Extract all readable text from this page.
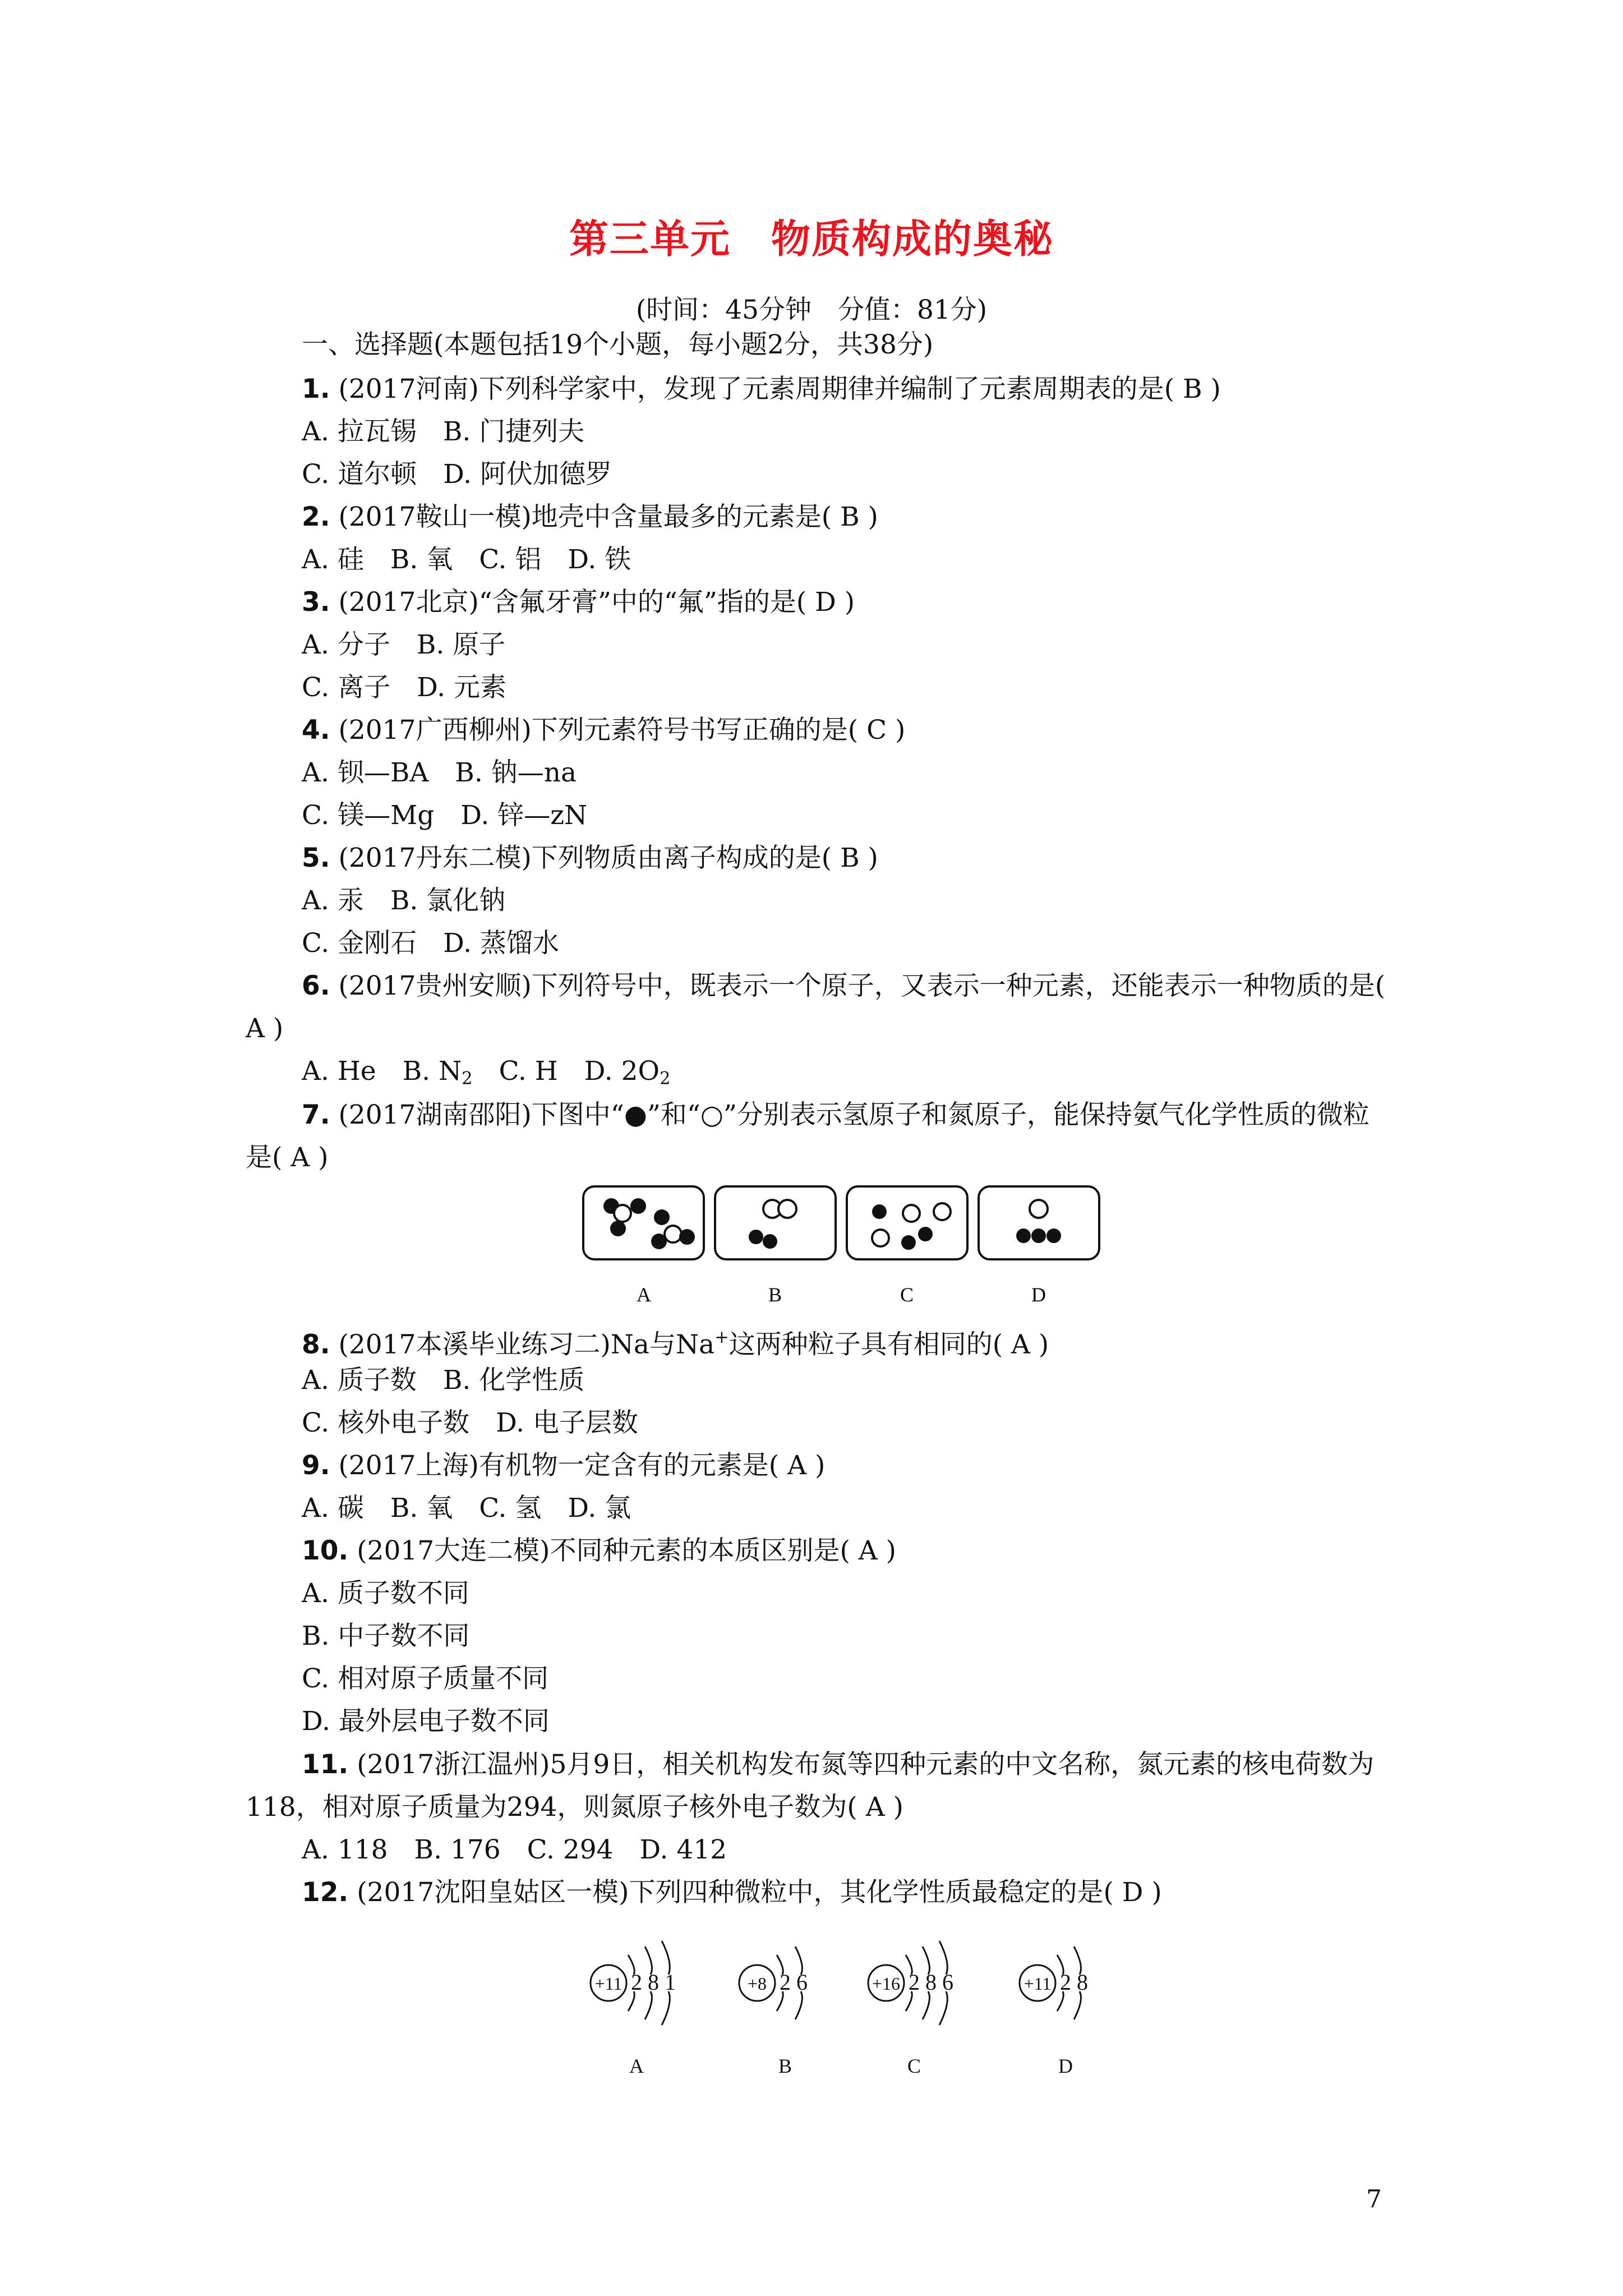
第三单元　物质构成的奥秘
(时间：45分钟　分值：81分)
一、选择题(本题包括19个小题，每小题2分，共38分)
1. (2017河南)下列科学家中，发现了元素周期律并编制了元素周期表的是( B )
A. 拉瓦锡　B. 门捷列夫
C. 道尔顿　D. 阿伏加德罗
2. (2017鞍山一模)地壳中含量最多的元素是( B )
A. 硅　B. 氧　C. 铝　D. 铁
3. (2017北京)“含氟牙膏”中的“氟”指的是( D )
A. 分子　B. 原子
C. 离子　D. 元素
4. (2017广西柳州)下列元素符号书写正确的是( C )
A. 钡—BA　B. 钠—na
C. 镁—Mg　D. 锌—zN
5. (2017丹东二模)下列物质由离子构成的是( B )
A. 汞　B. 氯化钠
C. 金刚石　D. 蒸馏水
6. (2017贵州安顺)下列符号中，既表示一个原子，又表示一种元素，还能表示一种物质的是( A )
A. He　B. $N_2$　C. H　D. $2O_2$
7. (2017湖南邵阳)下图中“●”和“○”分别表示氢原子和氮原子，能保持氨气化学性质的微粒是( A )
A	B	C	D
8. (2017本溪毕业练习二)Na与Na+这两种粒子具有相同的( A )
A. 质子数　B. 化学性质
C. 核外电子数　D. 电子层数
9. (2017上海)有机物一定含有的元素是( A )
A. 碳　B. 氧　C. 氢　D. 氯
10. (2017大连二模)不同种元素的本质区别是( A )
A. 质子数不同
B. 中子数不同
C. 相对原子质量不同
D. 最外层电子数不同
11. (2017浙江温州)5月9日，相关机构发布氮等四种元素的中文名称，氮元素的核电荷数为118，相对原子质量为294，则氮原子核外电子数为( A )
A. 118　B. 176　C. 294　D. 412
12. (2017沈阳皇姑区一模)下列四种微粒中，其化学性质最稳定的是( D )
+11 2 8 1	+8 2 6	+16 2 8 6	+11 2 8
A	B	C	D
7
